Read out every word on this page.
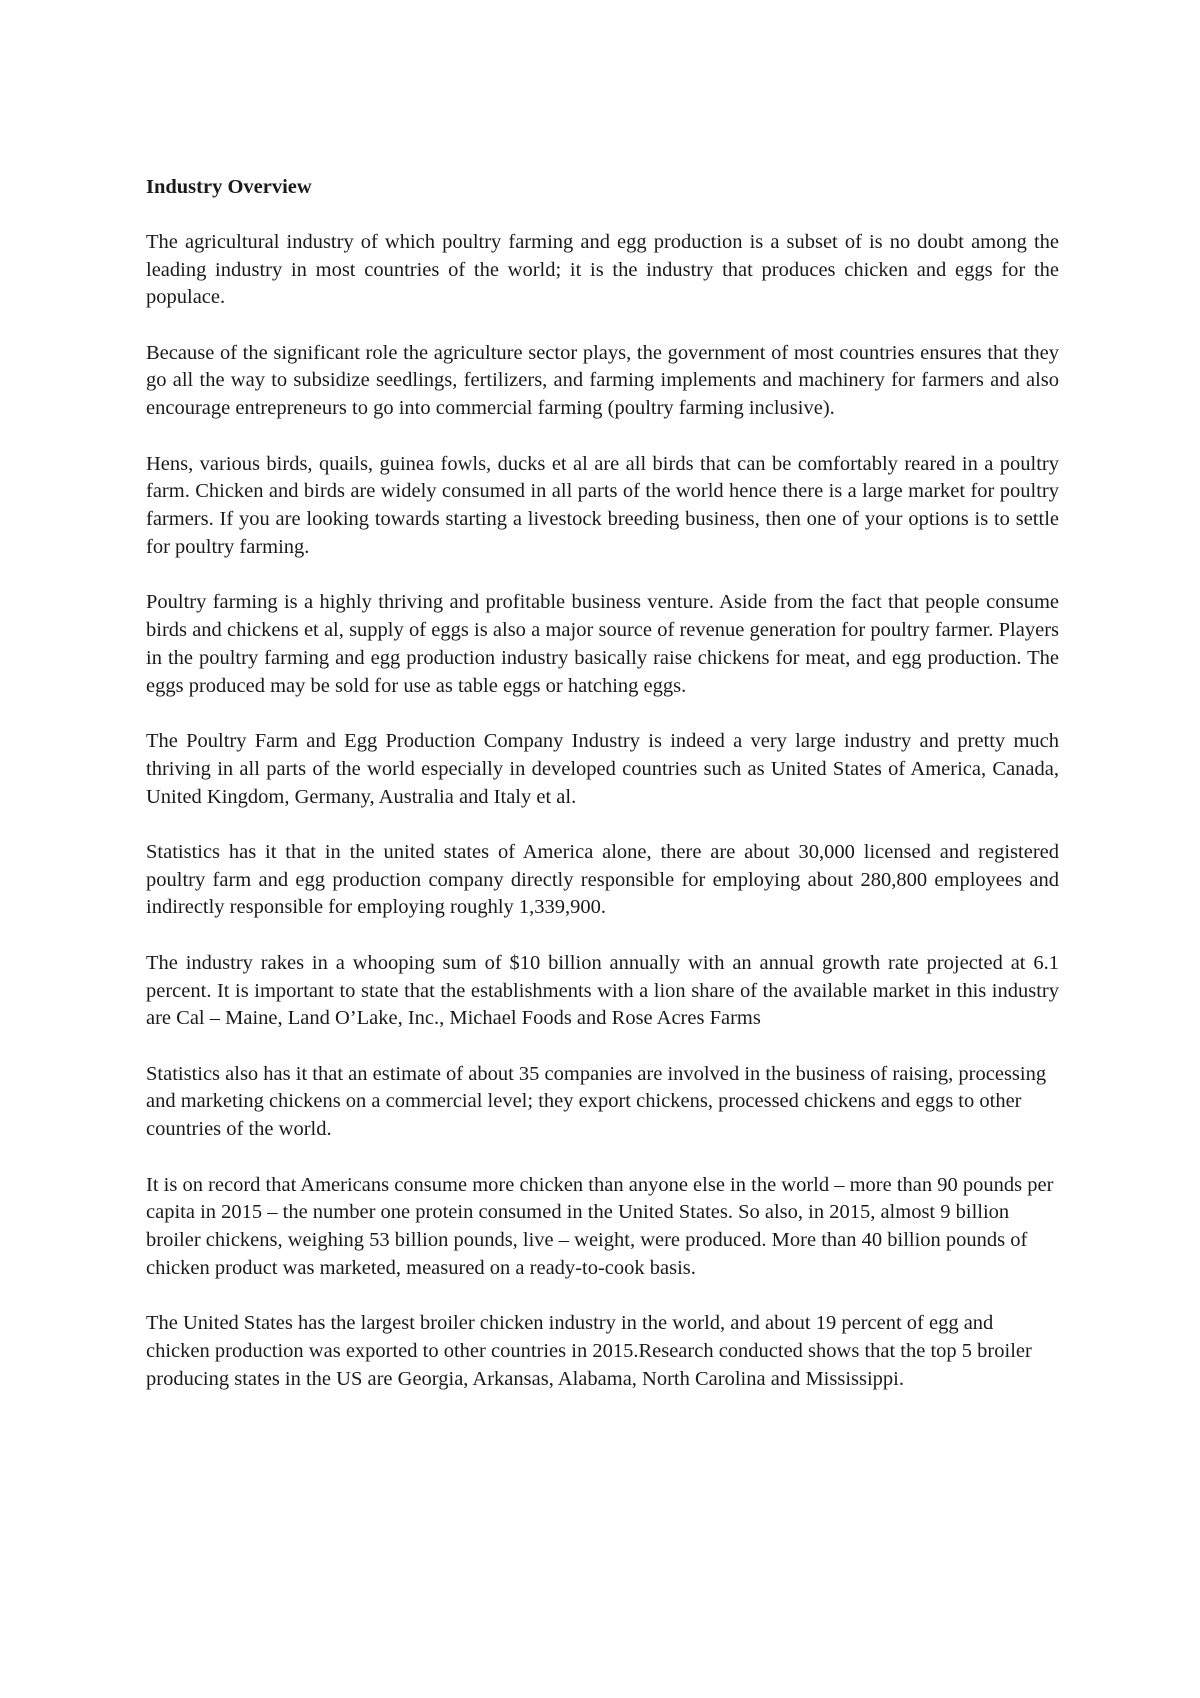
Industry Overview

The agricultural industry of which poultry farming and egg production is a subset of is no doubt among the leading industry in most countries of the world; it is the industry that produces chicken and eggs for the populace.

Because of the significant role the agriculture sector plays, the government of most countries ensures that they go all the way to subsidize seedlings, fertilizers, and farming implements and machinery for farmers and also encourage entrepreneurs to go into commercial farming (poultry farming inclusive).

Hens, various birds, quails, guinea fowls, ducks et al are all birds that can be comfortably reared in a poultry farm. Chicken and birds are widely consumed in all parts of the world hence there is a large market for poultry farmers. If you are looking towards starting a livestock breeding business, then one of your options is to settle for poultry farming.

Poultry farming is a highly thriving and profitable business venture. Aside from the fact that people consume birds and chickens et al, supply of eggs is also a major source of revenue generation for poultry farmer. Players in the poultry farming and egg production industry basically raise chickens for meat, and egg production. The eggs produced may be sold for use as table eggs or hatching eggs.

The Poultry Farm and Egg Production Company Industry is indeed a very large industry and pretty much thriving in all parts of the world especially in developed countries such as United States of America, Canada, United Kingdom, Germany, Australia and Italy et al.

Statistics has it that in the united states of America alone, there are about 30,000 licensed and registered poultry farm and egg production company directly responsible for employing about 280,800 employees and indirectly responsible for employing roughly 1,339,900.

The industry rakes in a whooping sum of $10 billion annually with an annual growth rate projected at 6.1 percent. It is important to state that the establishments with a lion share of the available market in this industry are Cal – Maine, Land O’Lake, Inc., Michael Foods and Rose Acres Farms

Statistics also has it that an estimate of about 35 companies are involved in the business of raising, processing and marketing chickens on a commercial level; they export chickens, processed chickens and eggs to other countries of the world.

It is on record that Americans consume more chicken than anyone else in the world – more than 90 pounds per capita in 2015 – the number one protein consumed in the United States. So also, in 2015, almost 9 billion broiler chickens, weighing 53 billion pounds, live – weight, were produced. More than 40 billion pounds of chicken product was marketed, measured on a ready-to-cook basis.

The United States has the largest broiler chicken industry in the world, and about 19 percent of egg and chicken production was exported to other countries in 2015.Research conducted shows that the top 5 broiler producing states in the US are Georgia, Arkansas, Alabama, North Carolina and Mississippi.
